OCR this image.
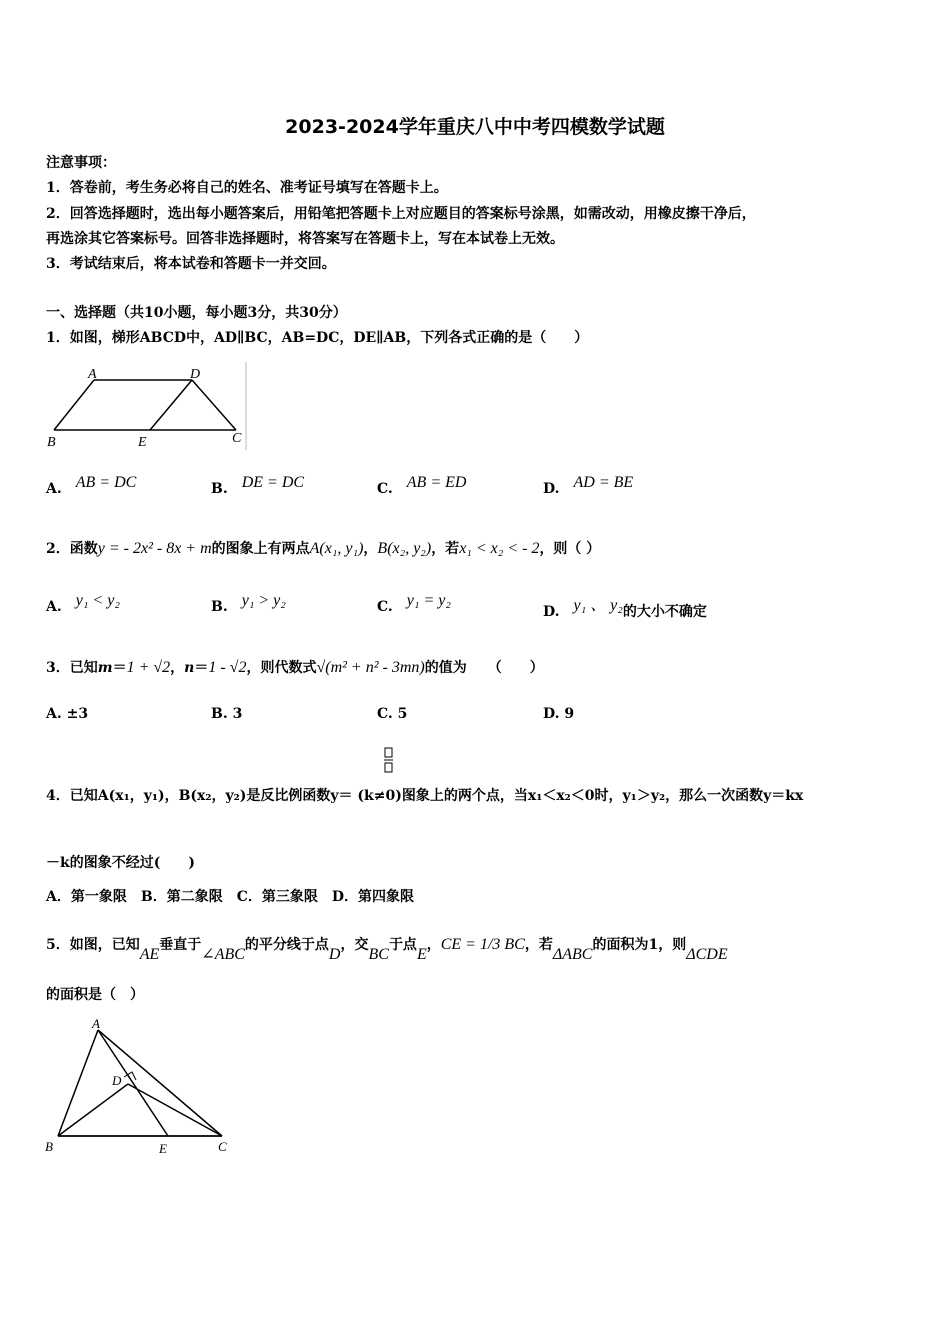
2023-2024学年重庆八中中考四模数学试题
注意事项：
1．答卷前，考生务必将自己的姓名、准考证号填写在答题卡上。
2．回答选择题时，选出每小题答案后，用铅笔把答题卡上对应题目的答案标号涂黑，如需改动，用橡皮擦干净后，
再选涂其它答案标号。回答非选择题时，将答案写在答题卡上，写在本试卷上无效。
3．考试结束后，将本试卷和答题卡一并交回。
一、选择题（共10小题，每小题3分，共30分）
1．如图，梯形ABCD中，AD∥BC，AB=DC，DE∥AB，下列各式正确的是（　　）
A	D
B	E	C
A. AB = DC	B. DE = DC	C. AB = ED	D. AD = BE
2．函数y = - 2x² - 8x + m的图象上有两点A(x₁, y₁)，B(x₂, y₂)，若x₁ < x₂ < - 2，则（ ）
A. y₁ < y₂	B. y₁ > y₂	C. y₁ = y₂
D. y₁ 、 y₂的大小不确定
3．已知m＝1 + √2，n＝1 - √2，则代数式√(m² + n² - 3mn)的值为　　（　　）
A. ±3	B. 3	C. 5	D. 9
4．已知A(x₁，y₁)，B(x₂，y₂)是反比例函数y＝ (k≠0)图象上的两个点，当x₁＜x₂＜0时，y₁＞y₂，那么一次函数y＝kx
－k的图象不经过(　　)
A．第一象限　B．第二象限　C．第三象限　D．第四象限
5．如图，已知AE垂直于∠ABC的平分线于点D，交BC于点E，CE = 1/3 BC，若ΔABC的面积为1，则ΔCDE
的面积是（　）
A
D
B	E	C
